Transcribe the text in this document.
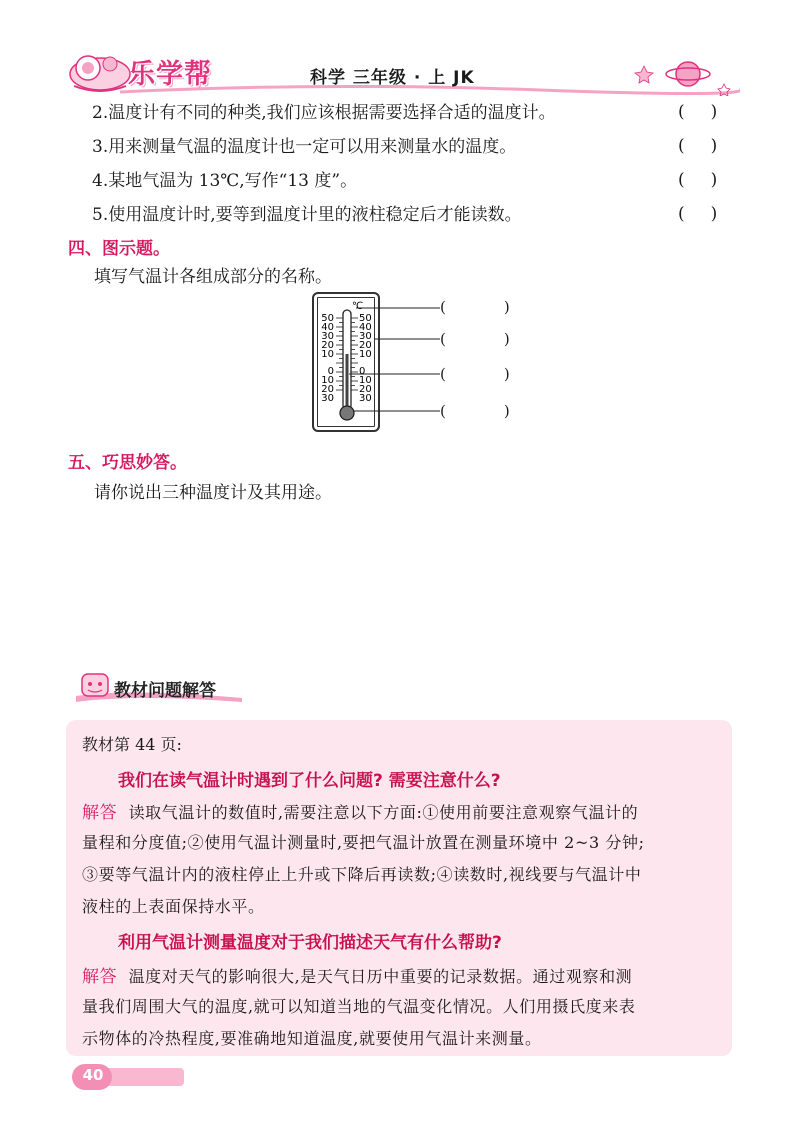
乐学帮	科学 三年级 · 上 JK
2.温度计有不同的种类,我们应该根据需要选择合适的温度计。	()
3.用来测量气温的温度计也一定可以用来测量水的温度。	()
4.某地气温为 13℃,写作“13 度”。	()
5.使用温度计时,要等到温度计里的液柱稳定后才能读数。	()
四、图示题。
填写气温计各组成部分的名称。
℃
50
40
30
20
10
0
10
20
30
50
40
30
20
10
0
10
20
30
()
()
()
()
五、巧思妙答。
请你说出三种温度计及其用途。
教材问题解答
教材第 44 页:
我们在读气温计时遇到了什么问题? 需要注意什么?
解答 读取气温计的数值时,需要注意以下方面:①使用前要注意观察气温计的
量程和分度值;②使用气温计测量时,要把气温计放置在测量环境中 2~3 分钟;
③要等气温计内的液柱停止上升或下降后再读数;④读数时,视线要与气温计中
液柱的上表面保持水平。
利用气温计测量温度对于我们描述天气有什么帮助?
解答 温度对天气的影响很大,是天气日历中重要的记录数据。通过观察和测
量我们周围大气的温度,就可以知道当地的气温变化情况。人们用摄氏度来表
示物体的冷热程度,要准确地知道温度,就要使用气温计来测量。
40
